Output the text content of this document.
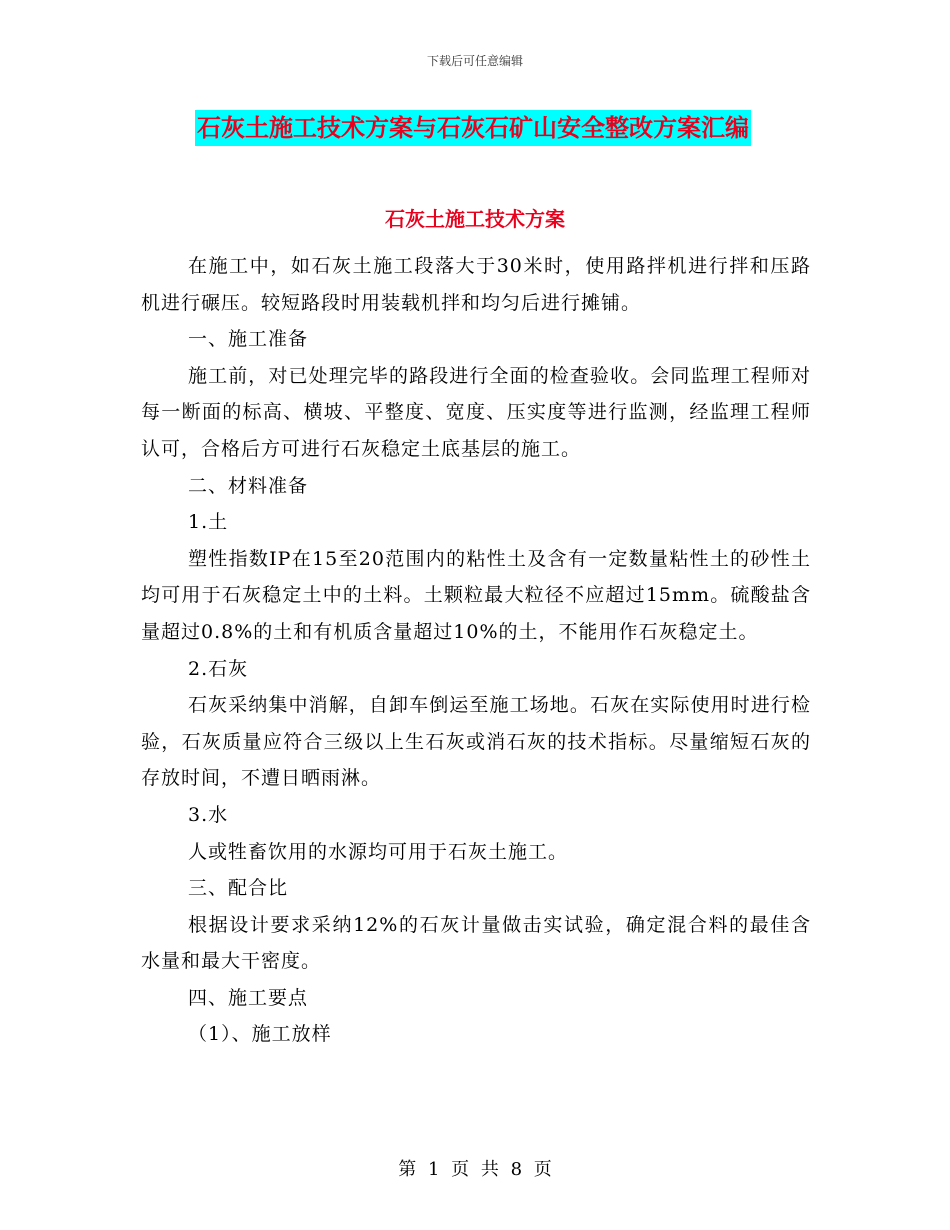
下载后可任意编辑
石灰土施工技术方案与石灰石矿山安全整改方案汇编
石灰土施工技术方案

在施工中，如石灰土施工段落大于30米时，使用路拌机进行拌和压路机进行碾压。较短路段时用装载机拌和均匀后进行摊铺。

一、施工准备

施工前，对已处理完毕的路段进行全面的检查验收。会同监理工程师对每一断面的标高、横坡、平整度、宽度、压实度等进行监测，经监理工程师认可，合格后方可进行石灰稳定土底基层的施工。

二、材料准备

1.土

塑性指数IP在15至20范围内的粘性土及含有一定数量粘性土的砂性土均可用于石灰稳定土中的土料。土颗粒最大粒径不应超过15mm。硫酸盐含量超过0.8%的土和有机质含量超过10%的土，不能用作石灰稳定土。

2.石灰

石灰采纳集中消解，自卸车倒运至施工场地。石灰在实际使用时进行检验，石灰质量应符合三级以上生石灰或消石灰的技术指标。尽量缩短石灰的存放时间，不遭日晒雨淋。

3.水

人或牲畜饮用的水源均可用于石灰土施工。

三、配合比

根据设计要求采纳12%的石灰计量做击实试验，确定混合料的最佳含水量和最大干密度。

四、施工要点

（1）、施工放样

第 1 页 共 8 页
